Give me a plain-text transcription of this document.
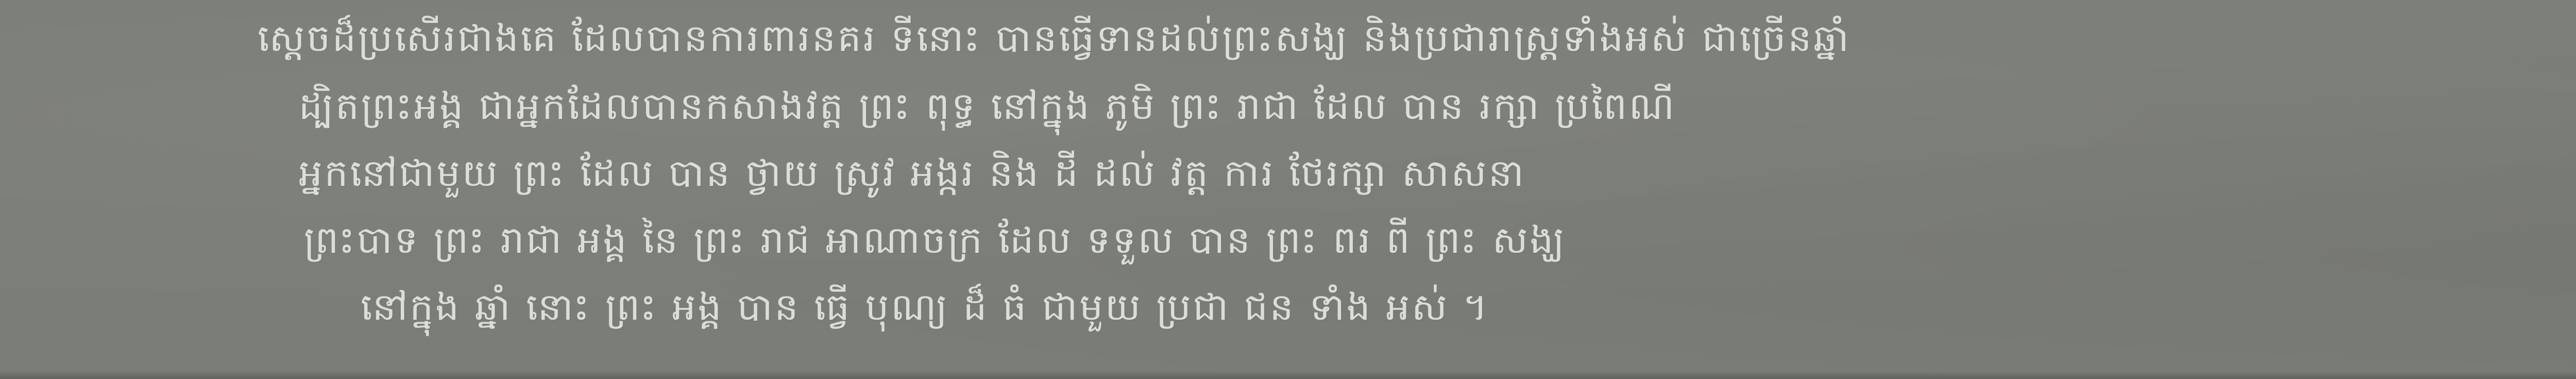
ស្ដេចដ៏ប្រសើរជាងគេ ដែលបានការពារនគរ ទីនោះ បានធ្វើទានដល់ព្រះសង្ឃ និងប្រជារាស្ត្រទាំងអស់ ជាច្រើនឆ្នាំ
ដ្បិតព្រះអង្គ ជាអ្នកដែលបានកសាងវត្ត ព្រះ ពុទ្ធ នៅក្នុង ភូមិ ព្រះ រាជា ដែល បាន រក្សា ប្រពៃណី
អ្នកនៅជាមួយ ព្រះ ដែល បាន ថ្វាយ ស្រូវ អង្ករ និង ដី ដល់ វត្ត ការ ថែរក្សា សាសនា
ព្រះបាទ ព្រះ រាជា អង្គ នៃ ព្រះ រាជ អាណាចក្រ ដែល ទទួល បាន ព្រះ ពរ ពី ព្រះ សង្ឃ
នៅក្នុង ឆ្នាំ នោះ ព្រះ អង្គ បាន ធ្វើ បុណ្យ ដ៏ ធំ ជាមួយ ប្រជា ជន ទាំង អស់ ។
